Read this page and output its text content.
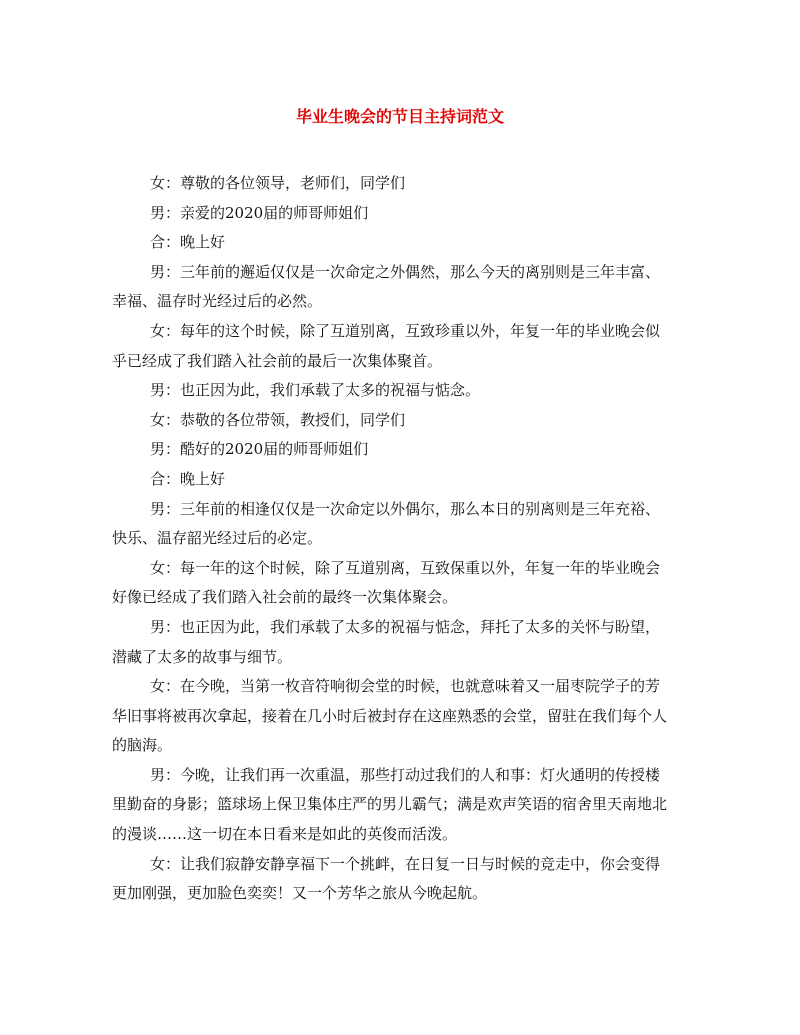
毕业生晚会的节目主持词范文

女：尊敬的各位领导，老师们，同学们

男：亲爱的2020届的师哥师姐们

合：晚上好

男：三年前的邂逅仅仅是一次命定之外偶然，那么今天的离别则是三年丰富、幸福、温存时光经过后的必然。

女：每年的这个时候，除了互道别离，互致珍重以外，年复一年的毕业晚会似乎已经成了我们踏入社会前的最后一次集体聚首。

男：也正因为此，我们承载了太多的祝福与惦念。

女：恭敬的各位带领，教授们，同学们

男：酷好的2020届的师哥师姐们

合：晚上好

男：三年前的相逢仅仅是一次命定以外偶尔，那么本日的别离则是三年充裕、快乐、温存韶光经过后的必定。

女：每一年的这个时候，除了互道别离，互致保重以外，年复一年的毕业晚会好像已经成了我们踏入社会前的最终一次集体聚会。

男：也正因为此，我们承载了太多的祝福与惦念，拜托了太多的关怀与盼望，潜藏了太多的故事与细节。

女：在今晚，当第一枚音符响彻会堂的时候，也就意味着又一届枣院学子的芳华旧事将被再次拿起，接着在几小时后被封存在这座熟悉的会堂，留驻在我们每个人的脑海。

男：今晚，让我们再一次重温，那些打动过我们的人和事：灯火通明的传授楼里勤奋的身影；篮球场上保卫集体庄严的男儿霸气；满是欢声笑语的宿舍里天南地北的漫谈……这一切在本日看来是如此的英俊而活泼。

女：让我们寂静安静享福下一个挑衅，在日复一日与时候的竞走中，你会变得更加刚强，更加脸色奕奕！又一个芳华之旅从今晚起航。
